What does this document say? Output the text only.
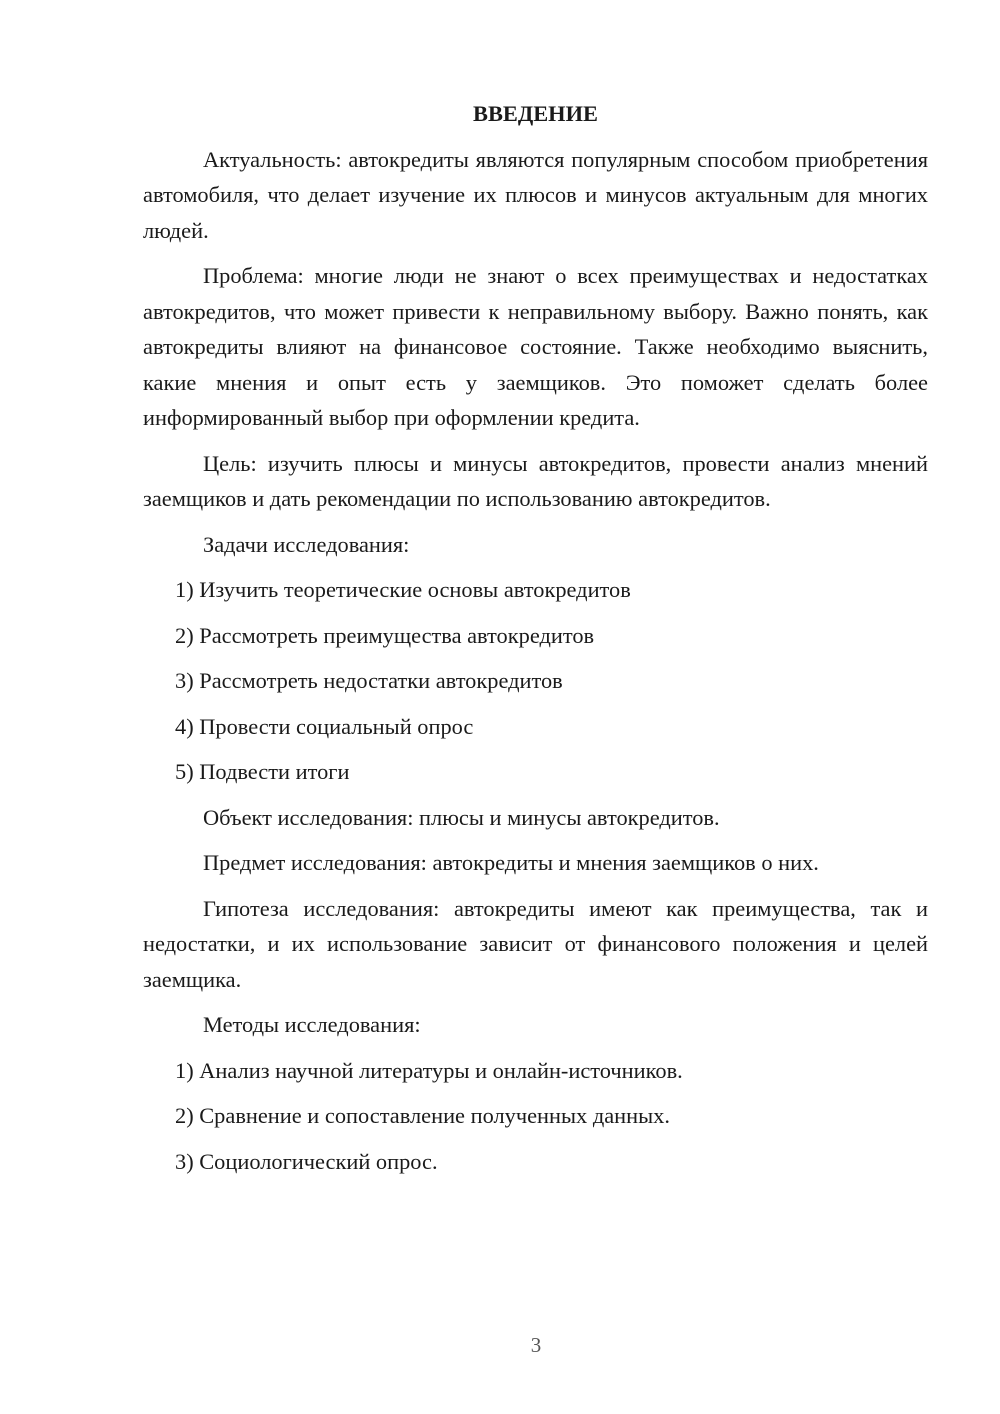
ВВЕДЕНИЕ

Актуальность: автокредиты являются популярным способом приобретения автомобиля, что делает изучение их плюсов и минусов актуальным для многих людей.

Проблема: многие люди не знают о всех преимуществах и недостатках автокредитов, что может привести к неправильному выбору. Важно понять, как автокредиты влияют на финансовое состояние. Также необходимо выяснить, какие мнения и опыт есть у заемщиков. Это поможет сделать более информированный выбор при оформлении кредита.

Цель: изучить плюсы и минусы автокредитов, провести анализ мнений заемщиков и дать рекомендации по использованию автокредитов.

Задачи исследования:

1) Изучить теоретические основы автокредитов

2) Рассмотреть преимущества автокредитов

3) Рассмотреть недостатки автокредитов

4) Провести социальный опрос

5) Подвести итоги

Объект исследования: плюсы и минусы автокредитов.

Предмет исследования: автокредиты и мнения заемщиков о них.

Гипотеза исследования: автокредиты имеют как преимущества, так и недостатки, и их использование зависит от финансового положения и целей заемщика.

Методы исследования:

1) Анализ научной литературы и онлайн-источников.

2) Сравнение и сопоставление полученных данных.

3) Социологический опрос.

3
